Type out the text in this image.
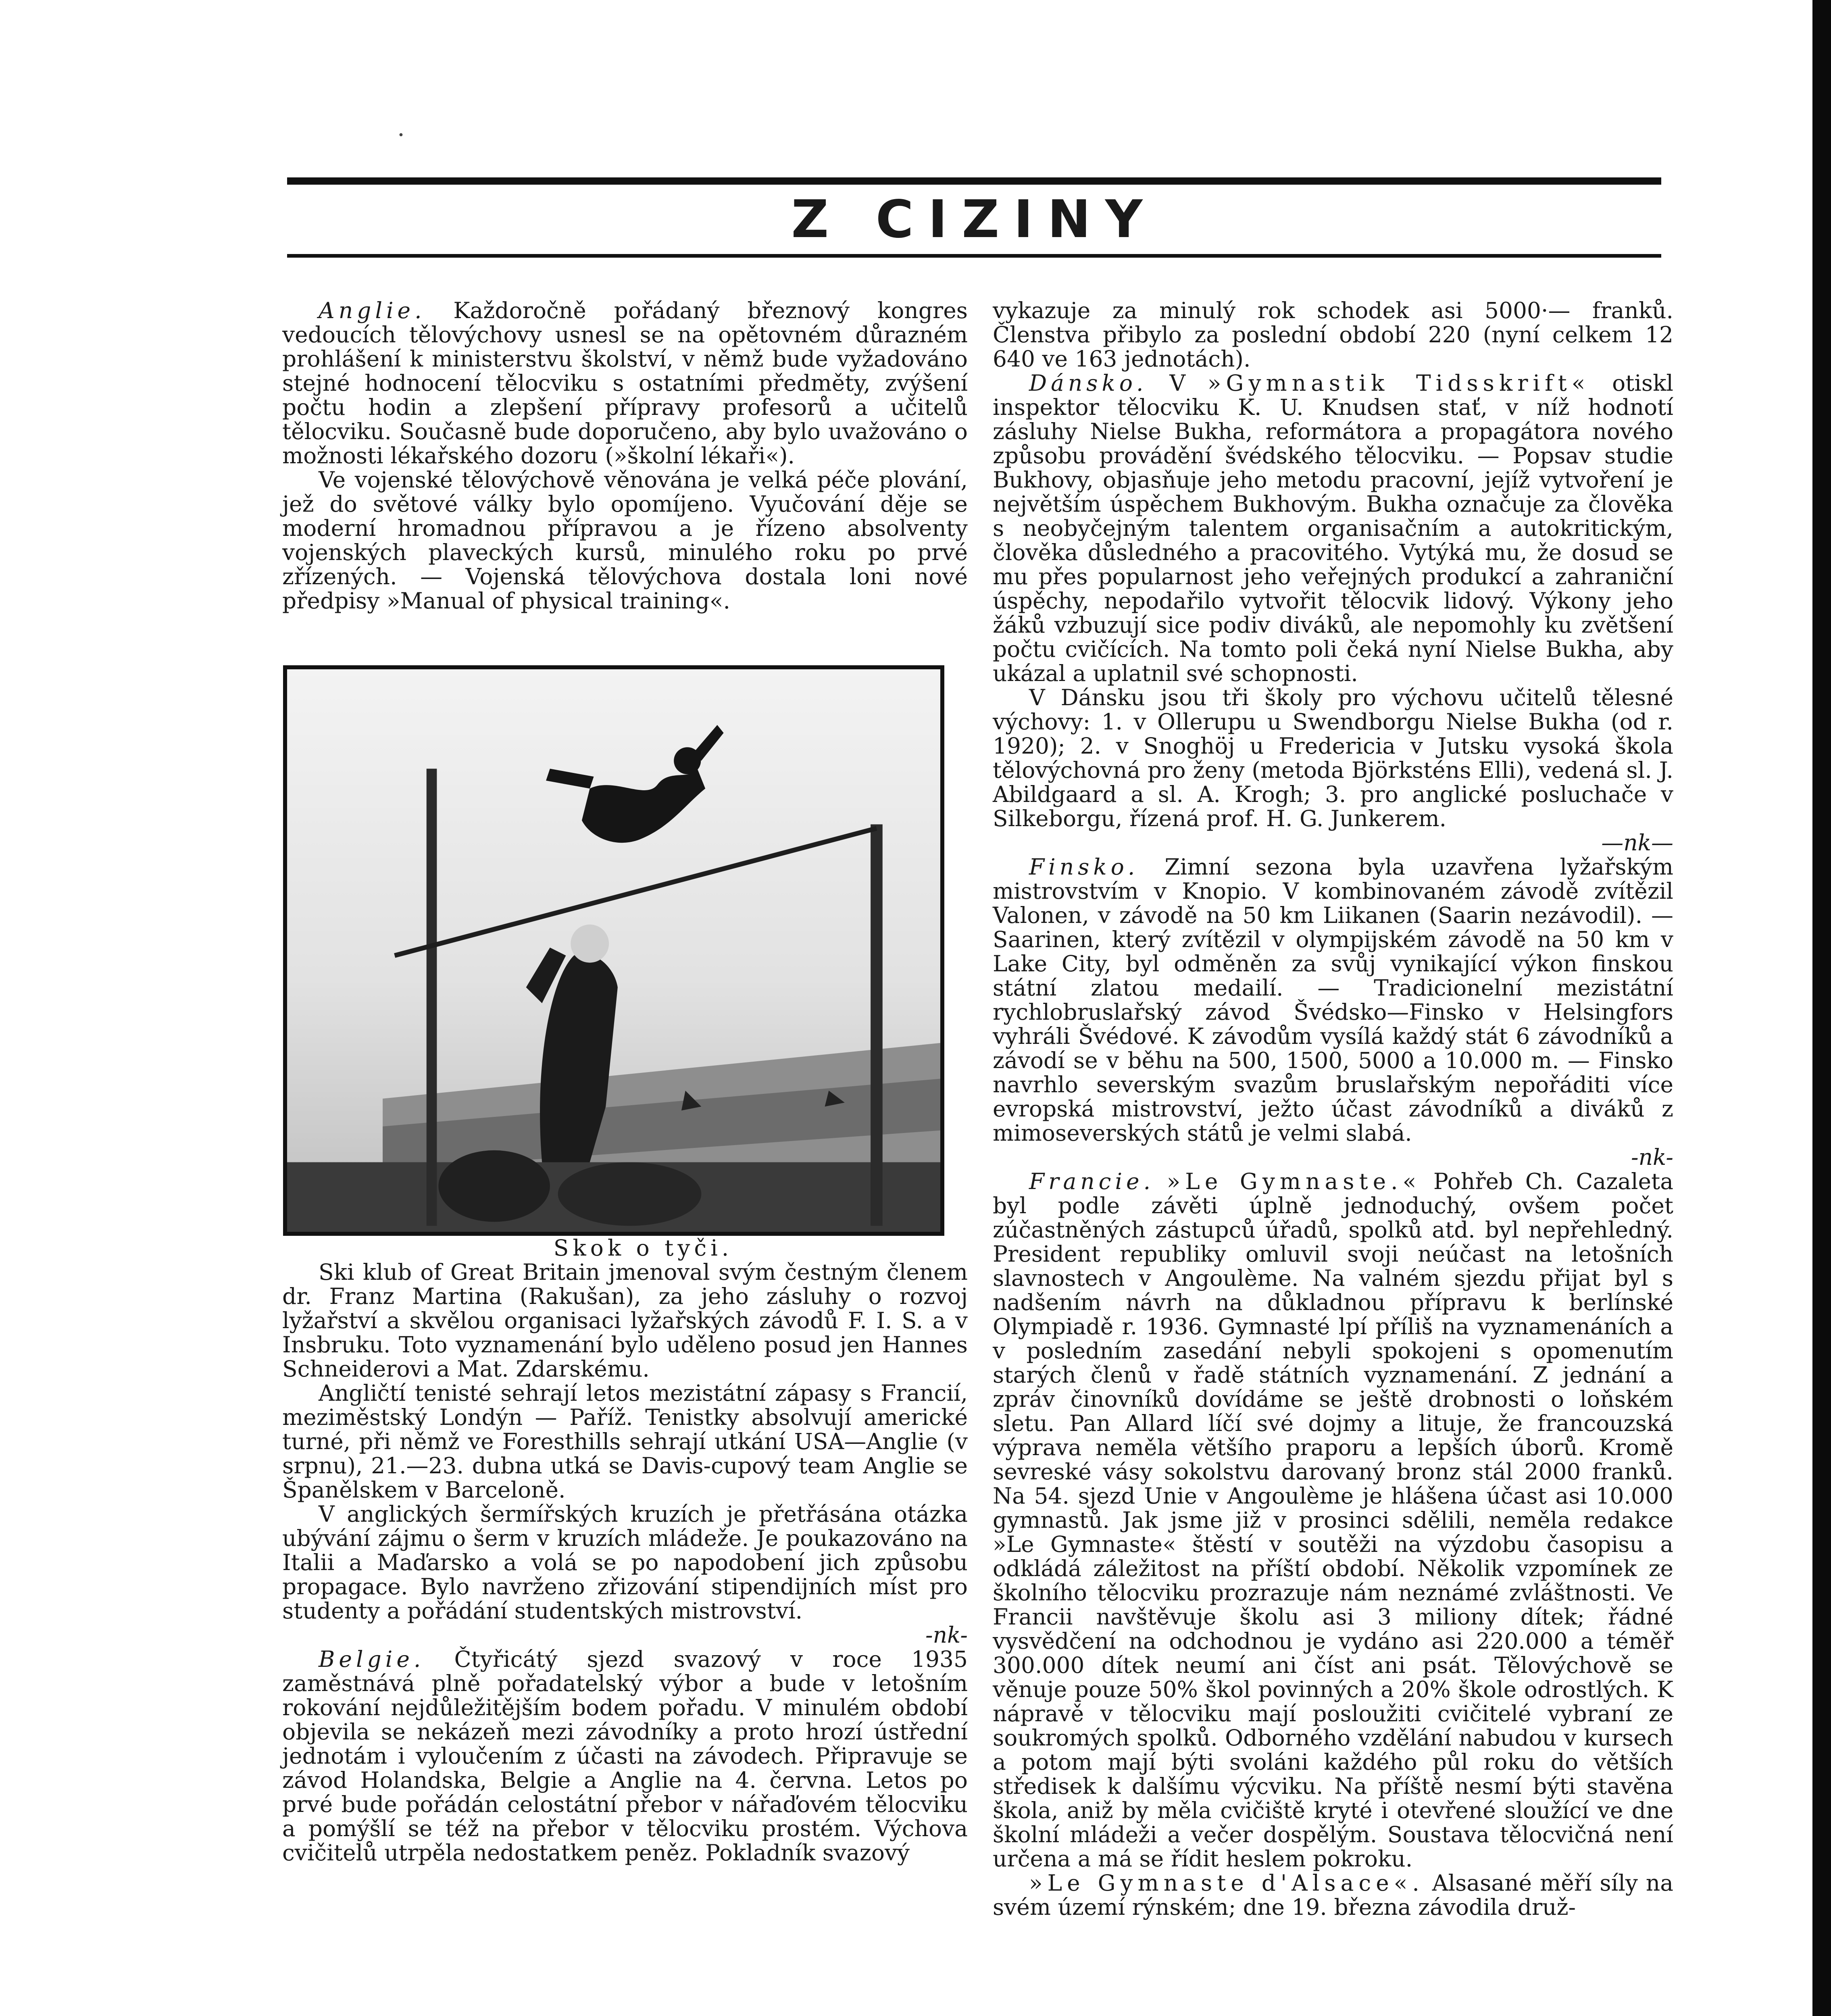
·
Z CIZINY

Anglie. Každoročně pořádaný březnový kongres vedoucích tělovýchovy usnesl se na opětovném důrazném prohlášení k ministerstvu školství, v němž bude vyžadováno stejné hodnocení tělocviku s ostatními předměty, zvýšení počtu hodin a zlepšení přípravy profesorů a učitelů tělocviku. Současně bude doporučeno, aby bylo uvažováno o možnosti lékařského dozoru (»školní lékaři«).

Ve vojenské tělovýchově věnována je velká péče plování, jež do světové války bylo opomíjeno. Vyučování děje se moderní hromadnou přípravou a je řízeno absolventy vojenských plaveckých kursů, minulého roku po prvé zřízených. — Vojenská tělovýchova dostala loni nové předpisy »Manual of physical training«.

Skok o tyči.

Ski klub of Great Britain jmenoval svým čestným členem dr. Franz Martina (Rakušan), za jeho zásluhy o rozvoj lyžařství a skvělou organisaci lyžařských závodů F. I. S. a v Insbruku. Toto vyznamenání bylo uděleno posud jen Hannes Schneiderovi a Mat. Zdarskému.

Angličtí tenisté sehrají letos mezistátní zápasy s Francií, meziměstský Londýn — Paříž. Tenistky absolvují americké turné, při němž ve Foresthills sehrají utkání USA—Anglie (v srpnu), 21.—23. dubna utká se Davis-cupový team Anglie se Španělskem v Barceloně.

V anglických šermířských kruzích je přetřásána otázka ubývání zájmu o šerm v kruzích mládeže. Je poukazováno na Italii a Maďarsko a volá se po napodobení jich způsobu propagace. Bylo navrženo zřizování stipendijních míst pro studenty a pořádání studentských mistrovství.

-nk-

Belgie. Čtyřicátý sjezd svazový v roce 1935 zaměstnává plně pořadatelský výbor a bude v letošním rokování nejdůležitějším bodem pořadu. V minulém období objevila se nekázeň mezi závodníky a proto hrozí ústřední jednotám i vyloučením z účasti na závodech. Připravuje se závod Holandska, Belgie a Anglie na 4. června. Letos po prvé bude pořádán celostátní přebor v nářaďovém tělocviku a pomýšlí se též na přebor v tělocviku prostém. Výchova cvičitelů utrpěla nedostatkem peněz. Pokladník svazový

vykazuje za minulý rok schodek asi 5000·— franků. Členstva přibylo za poslední období 220 (nyní celkem 12 640 ve 163 jednotách).

Dánsko. V »Gymnastik Tidsskrift« otiskl inspektor tělocviku K. U. Knudsen stať, v níž hodnotí zásluhy Nielse Bukha, reformátora a propagátora nového způsobu provádění švédského tělocviku. — Popsav studie Bukhovy, objasňuje jeho metodu pracovní, jejíž vytvoření je největším úspěchem Bukhovým. Bukha označuje za člověka s neobyčejným talentem organisačním a autokritickým, člověka důsledného a pracovitého. Vytýká mu, že dosud se mu přes popularnost jeho veřejných produkcí a zahraniční úspěchy, nepodařilo vytvořit tělocvik lidový. Výkony jeho žáků vzbuzují sice podiv diváků, ale nepomohly ku zvětšení počtu cvičících. Na tomto poli čeká nyní Nielse Bukha, aby ukázal a uplatnil své schopnosti.

V Dánsku jsou tři školy pro výchovu učitelů tělesné výchovy: 1. v Ollerupu u Swendborgu Nielse Bukha (od r. 1920); 2. v Snoghöj u Fredericia v Jutsku vysoká škola tělovýchovná pro ženy (metoda Björksténs Elli), vedená sl. J. Abildgaard a sl. A. Krogh; 3. pro anglické posluchače v Silkeborgu, řízená prof. H. G. Junkerem.

—nk—

Finsko. Zimní sezona byla uzavřena lyžařským mistrovstvím v Knopio. V kombinovaném závodě zvítězil Valonen, v závodě na 50 km Liikanen (Saarin nezávodil). — Saarinen, který zvítězil v olympijském závodě na 50 km v Lake City, byl odměněn za svůj vynikající výkon finskou státní zlatou medailí. — Tradicionelní mezistátní rychlobruslařský závod Švédsko—Finsko v Helsingfors vyhráli Švédové. K závodům vysílá každý stát 6 závodníků a závodí se v běhu na 500, 1500, 5000 a 10.000 m. — Finsko navrhlo severským svazům bruslařským nepořáditi více evropská mistrovství, ježto účast závodníků a diváků z mimoseverských států je velmi slabá.

-nk-

Francie. »Le Gymnaste.« Pohřeb Ch. Cazaleta byl podle závěti úplně jednoduchý, ovšem počet zúčastněných zástupců úřadů, spolků atd. byl nepřehledný. President republiky omluvil svoji neúčast na letošních slavnostech v Angoulème. Na valném sjezdu přijat byl s nadšením návrh na důkladnou přípravu k berlínské Olympiadě r. 1936. Gymnasté lpí příliš na vyznamenáních a v posledním zasedání nebyli spokojeni s opomenutím starých členů v řadě státních vyznamenání. Z jednání a zpráv činovníků dovídáme se ještě drobnosti o loňském sletu. Pan Allard líčí své dojmy a lituje, že francouzská výprava neměla většího praporu a lepších úborů. Kromě sevreské vásy sokolstvu darovaný bronz stál 2000 franků. Na 54. sjezd Unie v Angoulème je hlášena účast asi 10.000 gymnastů. Jak jsme již v prosinci sdělili, neměla redakce »Le Gymnaste« štěstí v soutěži na výzdobu časopisu a odkládá záležitost na příští období. Několik vzpomínek ze školního tělocviku prozrazuje nám neznámé zvláštnosti. Ve Francii navštěvuje školu asi 3 miliony dítek; řádné vysvědčení na odchodnou je vydáno asi 220.000 a téměř 300.000 dítek neumí ani číst ani psát. Tělovýchově se věnuje pouze 50% škol povinných a 20% škole odrostlých. K nápravě v tělocviku mají posloužiti cvičitelé vybraní ze soukromých spolků. Odborného vzdělání nabudou v kursech a potom mají býti svoláni každého půl roku do větších středisek k dalšímu výcviku. Na příště nesmí býti stavěna škola, aniž by měla cvičiště kryté i otevřené sloužící ve dne školní mládeži a večer dospělým. Soustava tělocvičná není určena a má se řídit heslem pokroku.

»Le Gymnaste d'Alsace«. Alsasané měří síly na svém území rýnském; dne 19. března závodila druž-
